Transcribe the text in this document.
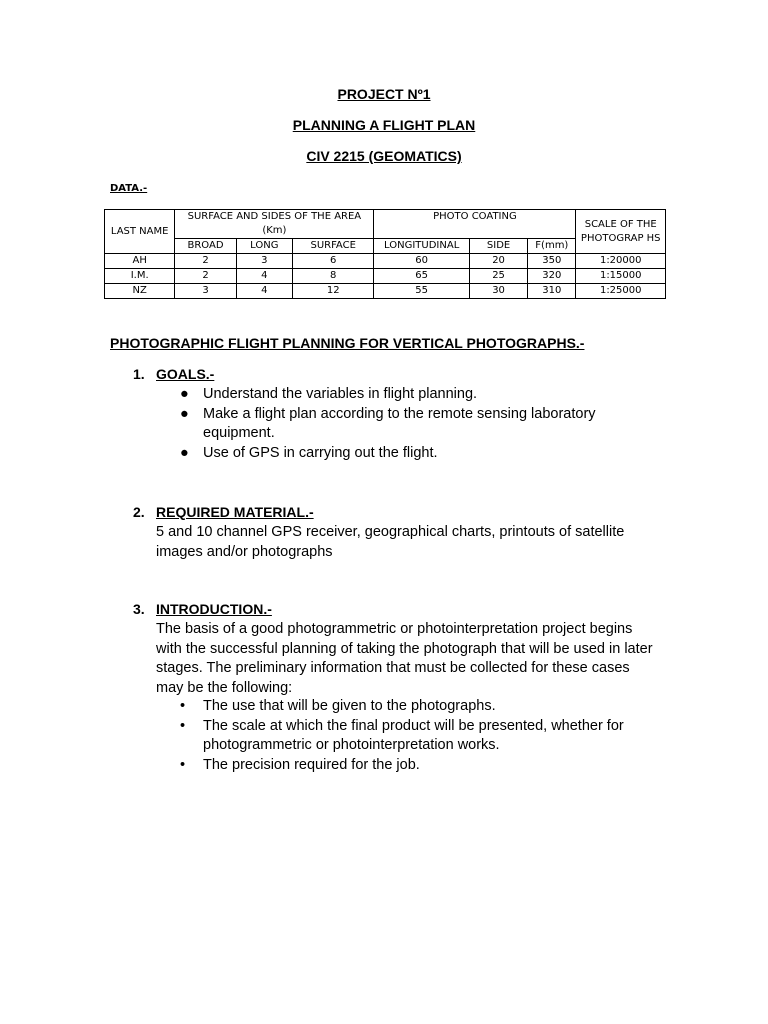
PROJECT Nº1
PLANNING A FLIGHT PLAN
CIV 2215 (GEOMATICS)
DATA.-
LAST NAME	SURFACE AND SIDES OF THE AREA (Km)			PHOTO COATING			SCALE OF THE PHOTOGRAP HS
	BROAD	LONG	SURFACE	LONGITUDINAL	SIDE	F(mm)	
AH	2	3	6	60	20	350	1:20000
I.M.	2	4	8	65	25	320	1:15000
NZ	3	4	12	55	30	310	1:25000
PHOTOGRAPHIC FLIGHT PLANNING FOR VERTICAL PHOTOGRAPHS.-
1. GOALS.-
● Understand the variables in flight planning.
● Make a flight plan according to the remote sensing laboratory equipment.
● Use of GPS in carrying out the flight.
2. REQUIRED MATERIAL.-
5 and 10 channel GPS receiver, geographical charts, printouts of satellite images and/or photographs
3. INTRODUCTION.-
The basis of a good photogrammetric or photointerpretation project begins with the successful planning of taking the photograph that will be used in later stages. The preliminary information that must be collected for these cases may be the following:
• The use that will be given to the photographs.
• The scale at which the final product will be presented, whether for photogrammetric or photointerpretation works.
• The precision required for the job.
